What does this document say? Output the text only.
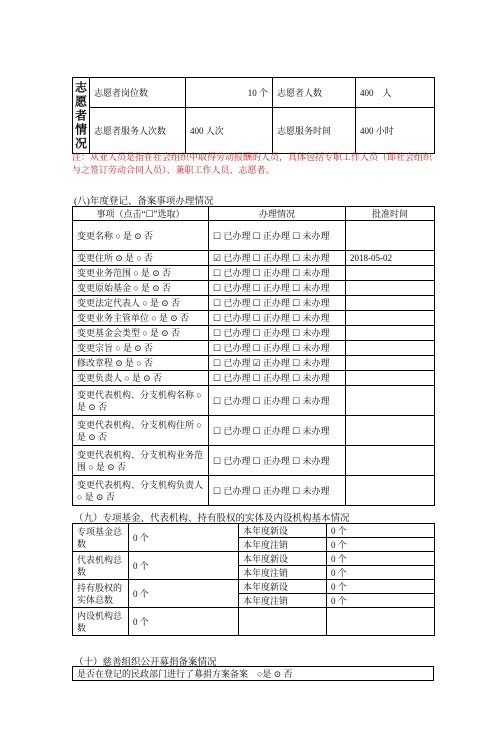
志愿者情况	志愿者岗位数	10 个	志愿者人数	400　人
	志愿者服务人次数	400 人次	志愿服务时间	400 小时
注：从业人员是指在社会组织中取得劳动报酬的人员，具体包括专职工作人员（即社会组织与之签订劳动合同人员）、兼职工作人员、志愿者。
(八)年度登记、备案事项办理情况
事项（点击“☐”选取）	办理情况	批准时间
变更名称 ○ 是 ⊙ 否	☐ 已办理 ☐ 正办理 ☐ 未办理	
变更住所 ⊙ 是 ○ 否	☑ 已办理 ☐ 正办理 ☐ 未办理	2018-05-02
变更业务范围 ○ 是 ⊙ 否	☐ 已办理 ☐ 正办理 ☐ 未办理	
变更原始基金 ○ 是 ⊙ 否	☐ 已办理 ☐ 正办理 ☐ 未办理	
变更法定代表人 ○ 是 ⊙ 否	☐ 已办理 ☐ 正办理 ☐ 未办理	
变更业务主管单位 ○ 是 ⊙ 否	☐ 已办理 ☐ 正办理 ☐ 未办理	
变更基金会类型 ○ 是 ⊙ 否	☐ 已办理 ☐ 正办理 ☐ 未办理	
变更宗旨 ○ 是 ⊙ 否	☐ 已办理 ☐ 正办理 ☐ 未办理	
修改章程 ⊙ 是 ○ 否	☐ 已办理 ☑ 正办理 ☐ 未办理	
变更负责人 ○ 是 ⊙ 否	☐ 已办理 ☐ 正办理 ☐ 未办理	
变更代表机构、分支机构名称 ○ 是 ⊙ 否	☐ 已办理 ☐ 正办理 ☐ 未办理	
变更代表机构、分支机构住所 ○ 是 ⊙ 否	☐ 已办理 ☐ 正办理 ☐ 未办理	
变更代表机构、分支机构业务范围 ○ 是 ⊙ 否	☐ 已办理 ☐ 正办理 ☐ 未办理	
变更代表机构、分支机构负责人 ○ 是 ⊙ 否	☐ 已办理 ☐ 正办理 ☐ 未办理	
（九）专项基金、代表机构、持有股权的实体及内设机构基本情况
专项基金总数	0 个	本年度新设	0 个
		本年度注销	0 个
代表机构总数	0 个	本年度新设	0 个
		本年度注销	0 个
持有股权的实体总数	0 个	本年度新设	0 个
		本年度注销	0 个
内设机构总数	0 个		
（十）慈善组织公开募捐备案情况
是否在登记的民政部门进行了募捐方案备案　○是 ⊙ 否
